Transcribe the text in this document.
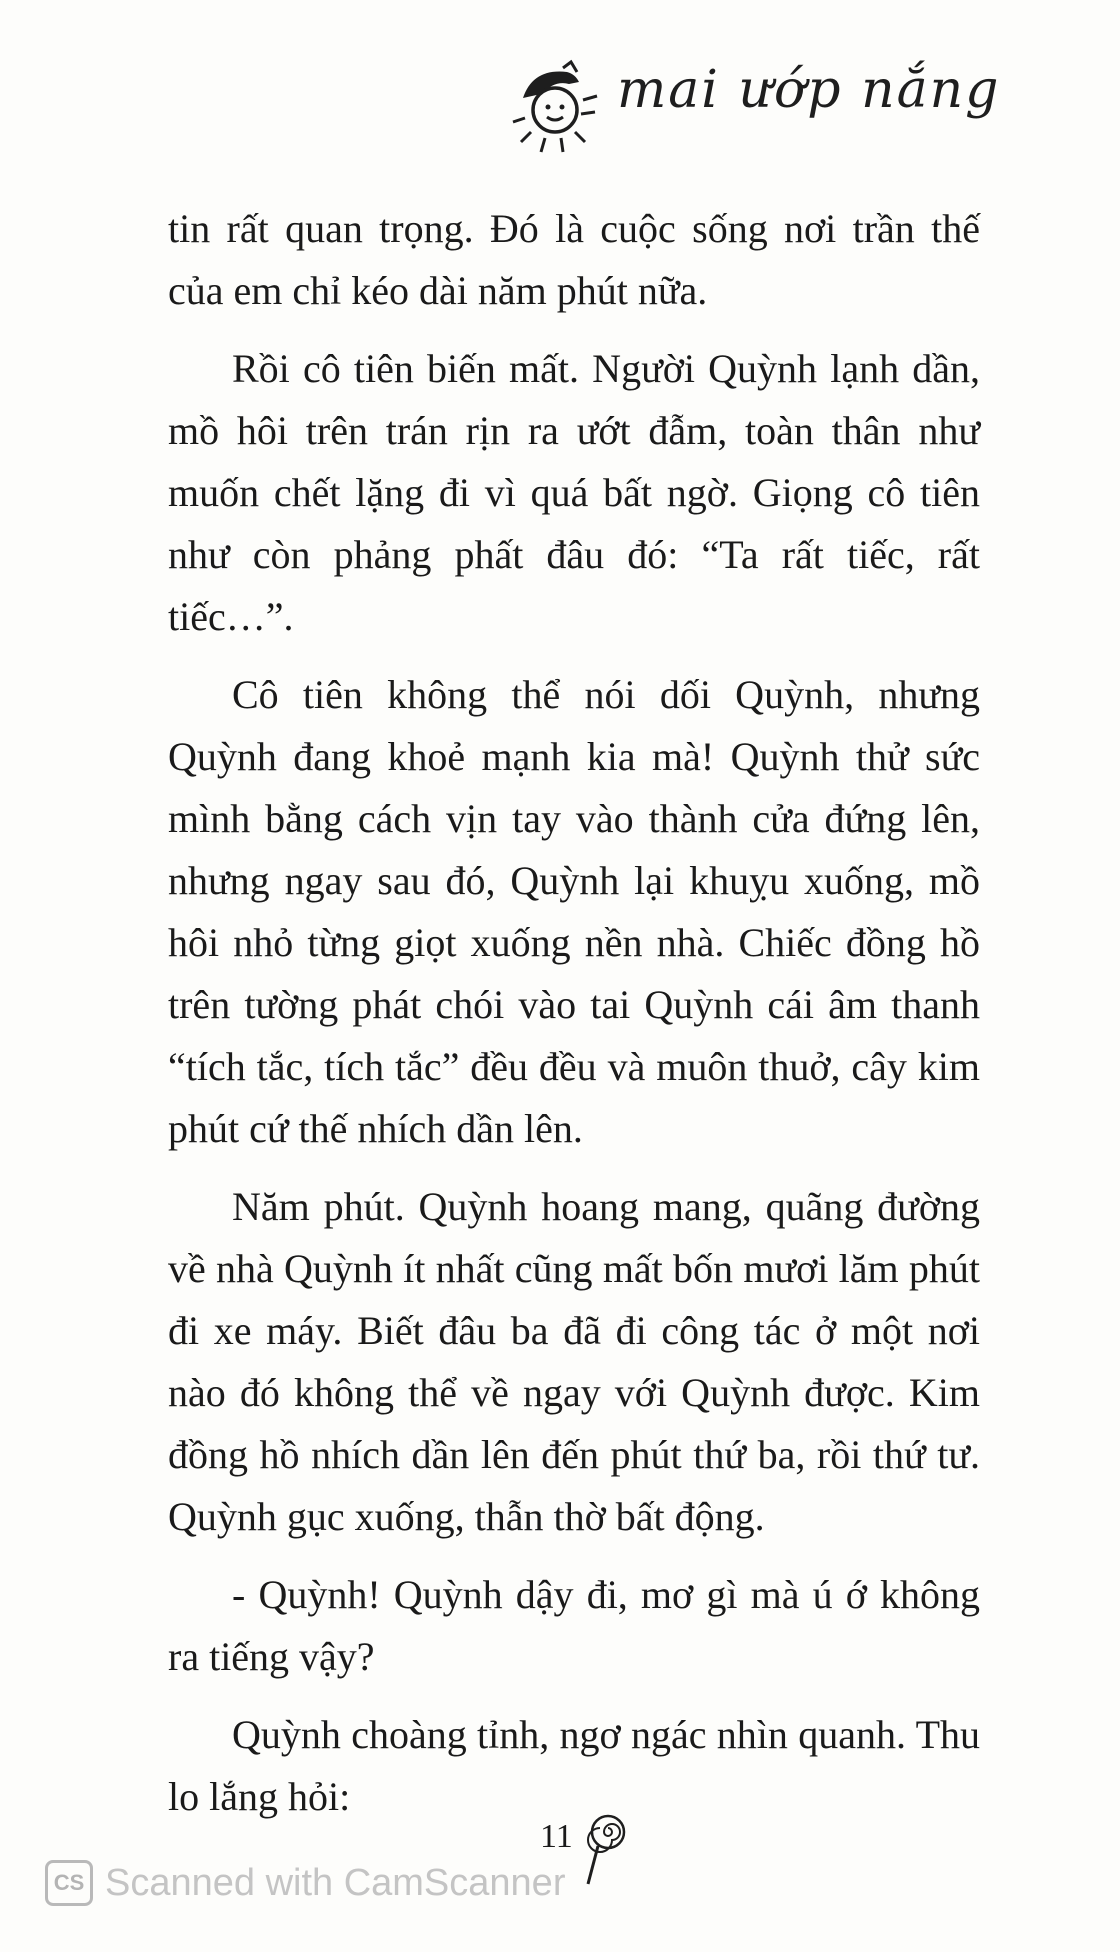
mai ướp nắng

tin rất quan trọng. Đó là cuộc sống nơi trần thế của em chỉ kéo dài năm phút nữa.

Rồi cô tiên biến mất. Người Quỳnh lạnh dần, mồ hôi trên trán rịn ra ướt đẫm, toàn thân như muốn chết lặng đi vì quá bất ngờ. Giọng cô tiên như còn phảng phất đâu đó: “Ta rất tiếc, rất tiếc…”.

Cô tiên không thể nói dối Quỳnh, nhưng Quỳnh đang khoẻ mạnh kia mà! Quỳnh thử sức mình bằng cách vịn tay vào thành cửa đứng lên, nhưng ngay sau đó, Quỳnh lại khuỵu xuống, mồ hôi nhỏ từng giọt xuống nền nhà. Chiếc đồng hồ trên tường phát chói vào tai Quỳnh cái âm thanh “tích tắc, tích tắc” đều đều và muôn thuở, cây kim phút cứ thế nhích dần lên.

Năm phút. Quỳnh hoang mang, quãng đường về nhà Quỳnh ít nhất cũng mất bốn mươi lăm phút đi xe máy. Biết đâu ba đã đi công tác ở một nơi nào đó không thể về ngay với Quỳnh được. Kim đồng hồ nhích dần lên đến phút thứ ba, rồi thứ tư. Quỳnh gục xuống, thẫn thờ bất động.

- Quỳnh! Quỳnh dậy đi, mơ gì mà ú ớ không ra tiếng vậy?

Quỳnh choàng tỉnh, ngơ ngác nhìn quanh. Thu lo lắng hỏi:

11
CS Scanned with CamScanner
